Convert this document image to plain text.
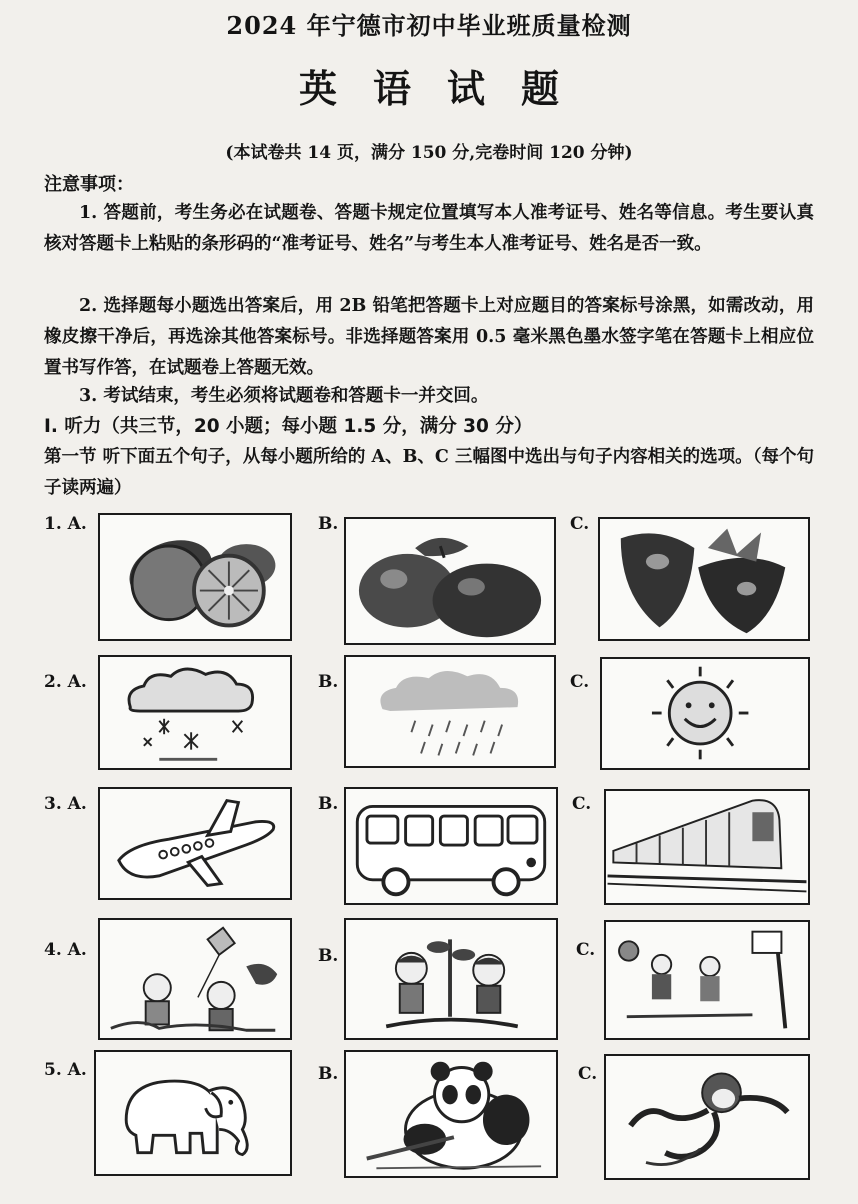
2024 年宁德市初中毕业班质量检测
英语试题
(本试卷共 14 页，满分 150 分,完卷时间 120 分钟)
注意事项：
1. 答题前，考生务必在试题卷、答题卡规定位置填写本人准考证号、姓名等信息。考生要认真核对答题卡上粘贴的条形码的“准考证号、姓名”与考生本人准考证号、姓名是否一致。
2. 选择题每小题选出答案后，用 2B 铅笔把答题卡上对应题目的答案标号涂黑，如需改动，用橡皮擦干净后，再选涂其他答案标号。非选择题答案用 0.5 毫米黑色墨水签字笔在答题卡上相应位置书写作答，在试题卷上答题无效。
3. 考试结束，考生必须将试题卷和答题卡一并交回。
Ⅰ. 听力（共三节，20 小题；每小题 1.5 分，满分 30 分）
第一节 听下面五个句子，从每小题所给的 A、B、C 三幅图中选出与句子内容相关的选项。（每个句子读两遍）
1. A.	B.	C.
2. A.	B.	C.
3. A.	B.	C.
4. A.	B.	C.
5. A.	B.	C.
